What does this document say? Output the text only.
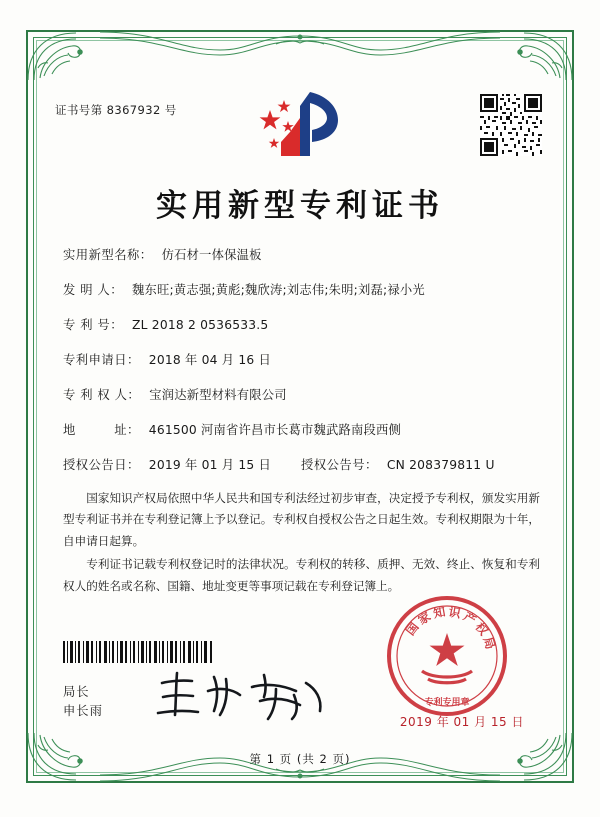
证书号第 8367932 号
实用新型专利证书
实用新型名称： 仿石材一体保温板
发 明 人： 魏东旺;黄志强;黄彪;魏欣涛;刘志伟;朱明;刘磊;禄小光
专 利 号： ZL 2018 2 0536533.5
专利申请日： 2018 年 04 月 16 日
专 利 权 人： 宝润达新型材料有限公司
地　　　址： 461500 河南省许昌市长葛市魏武路南段西侧
授权公告日： 2019 年 01 月 15 日 授权公告号： CN 208379811 U

国家知识产权局依照中华人民共和国专利法经过初步审查，决定授予专利权，颁发实用新型专利证书并在专利登记簿上予以登记。专利权自授权公告之日起生效。专利权期限为十年，自申请日起算。

专利证书记载专利权登记时的法律状况。专利权的转移、质押、无效、终止、恢复和专利权人的姓名或名称、国籍、地址变更等事项记载在专利登记簿上。

局长
申长雨
国
家 知 识 产
权
局
专利专用章
2019 年 01 月 15 日
第 1 页 (共 2 页)
